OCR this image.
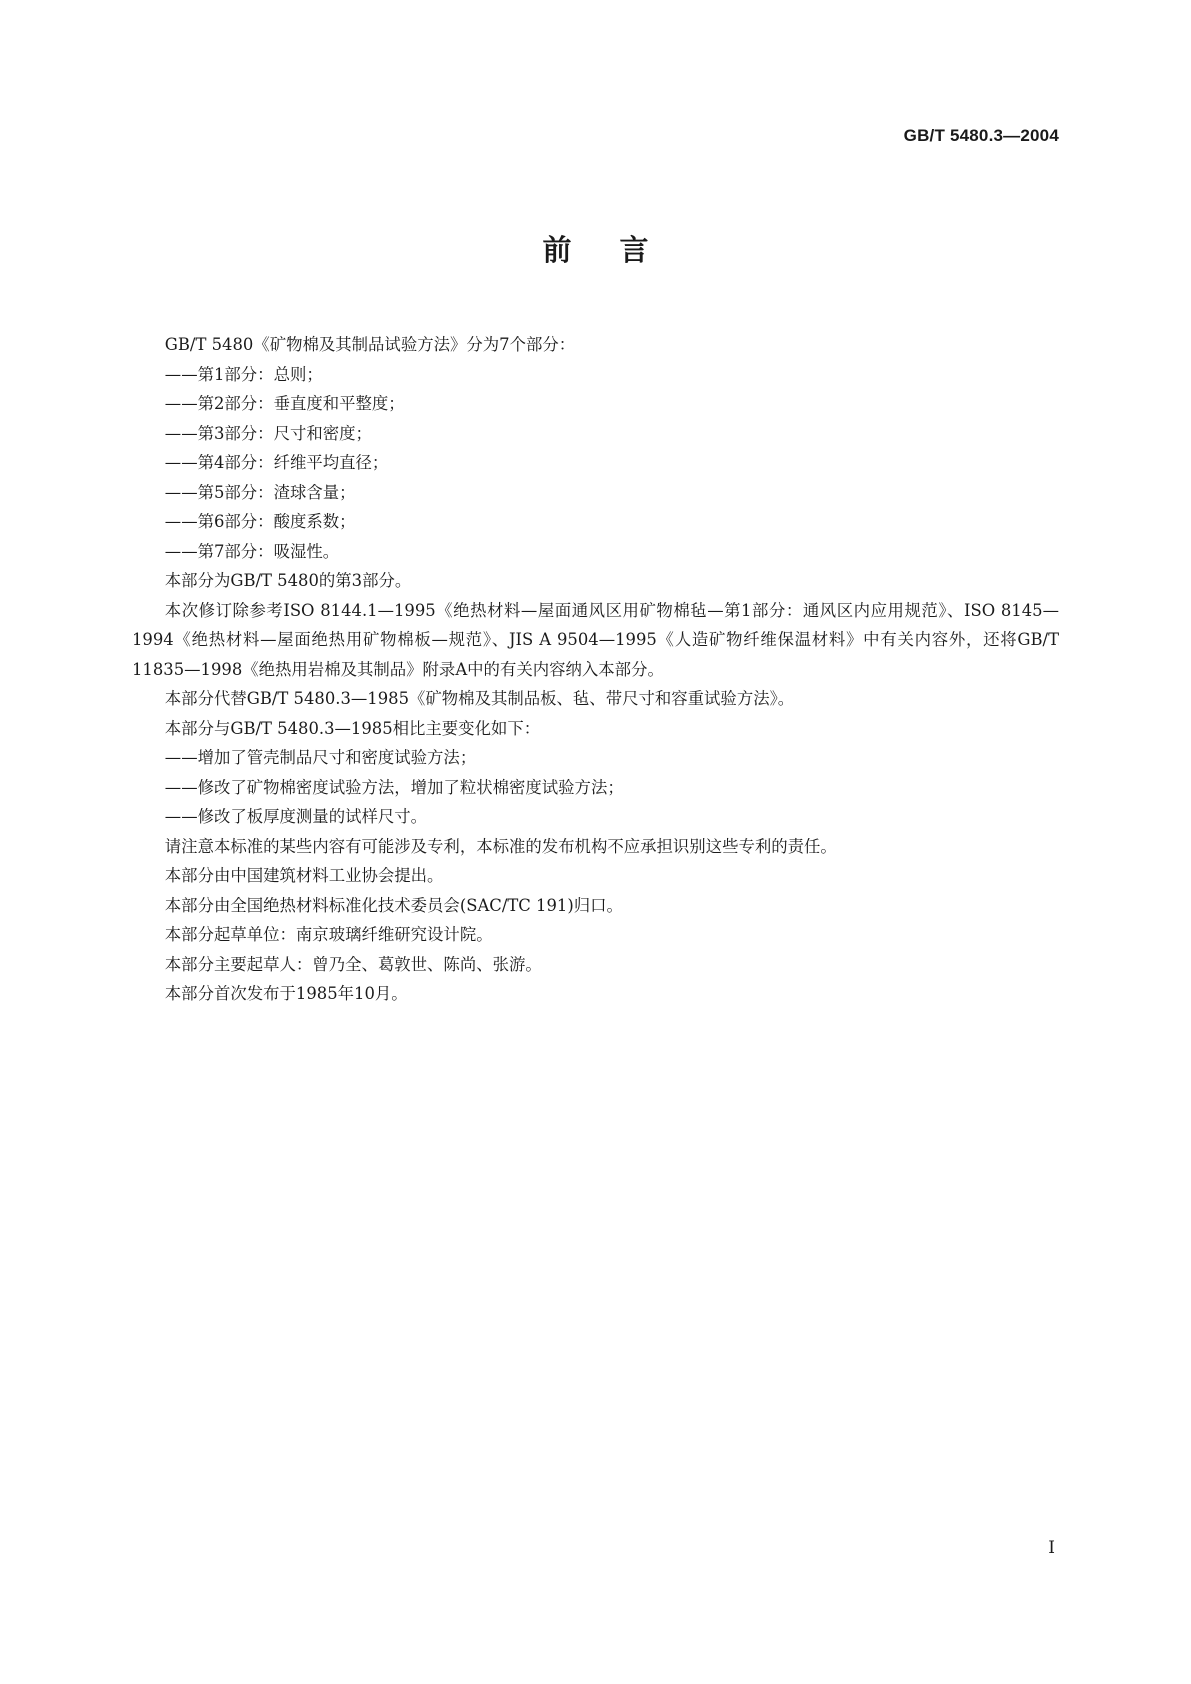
GB/T 5480.3—2004
前言

GB/T 5480《矿物棉及其制品试验方法》分为7个部分：

——第1部分：总则；

——第2部分：垂直度和平整度；

——第3部分：尺寸和密度；

——第4部分：纤维平均直径；

——第5部分：渣球含量；

——第6部分：酸度系数；

——第7部分：吸湿性。

本部分为GB/T 5480的第3部分。

本次修订除参考ISO 8144.1—1995《绝热材料—屋面通风区用矿物棉毡—第1部分：通风区内应用规范》、ISO 8145—1994《绝热材料—屋面绝热用矿物棉板—规范》、JIS A 9504—1995《人造矿物纤维保温材料》中有关内容外，还将GB/T 11835—1998《绝热用岩棉及其制品》附录A中的有关内容纳入本部分。

本部分代替GB/T 5480.3—1985《矿物棉及其制品板、毡、带尺寸和容重试验方法》。

本部分与GB/T 5480.3—1985相比主要变化如下：

——增加了管壳制品尺寸和密度试验方法；

——修改了矿物棉密度试验方法，增加了粒状棉密度试验方法；

——修改了板厚度测量的试样尺寸。

请注意本标准的某些内容有可能涉及专利，本标准的发布机构不应承担识别这些专利的责任。

本部分由中国建筑材料工业协会提出。

本部分由全国绝热材料标准化技术委员会(SAC/TC 191)归口。

本部分起草单位：南京玻璃纤维研究设计院。

本部分主要起草人：曾乃全、葛敦世、陈尚、张游。

本部分首次发布于1985年10月。

I
